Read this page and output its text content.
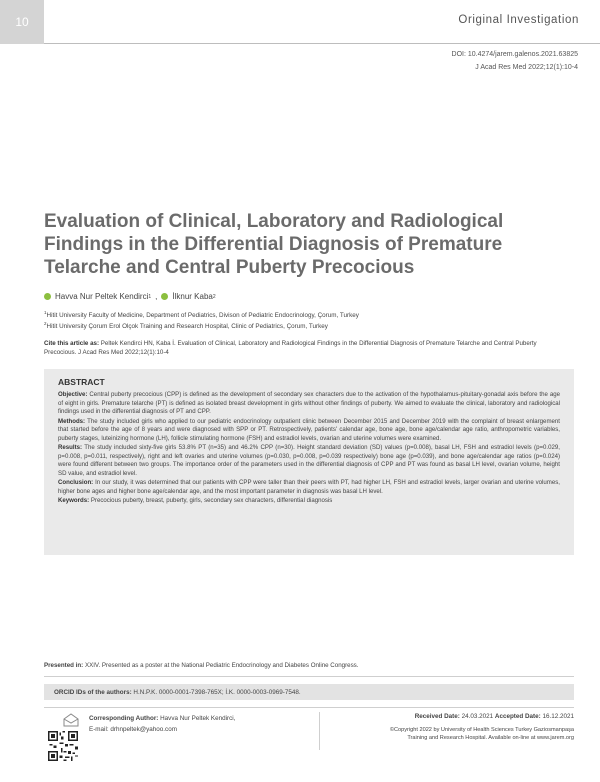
10	Original Investigation
DOI: 10.4274/jarem.galenos.2021.63825
J Acad Res Med 2022;12(1):10-4
Evaluation of Clinical, Laboratory and Radiological Findings in the Differential Diagnosis of Premature Telarche and Central Puberty Precocious
Havva Nur Peltek Kendirci 1 , İlknur Kaba 2
$^1$Hitit University Faculty of Medicine, Department of Pediatrics, Divison of Pediatric Endocrinology, Çorum, Turkey
$^2$Hitit University Çorum Erol Olçok Training and Research Hospital, Clinic of Pediatrics, Çorum, Turkey
Cite this article as: Peltek Kendirci HN, Kaba İ. Evaluation of Clinical, Laboratory and Radiological Findings in the Differential Diagnosis of Premature Telarche and Central Puberty Precocious. J Acad Res Med 2022;12(1):10-4
ABSTRACT
Objective: Central puberty precocious (CPP) is defined as the development of secondary sex characters due to the activation of the hypothalamus-pituitary-gonadal axis before the age of eight in girls. Premature telarche (PT) is defined as isolated breast development in girls without other findings of puberty. We aimed to evaluate the clinical, laboratory and radiological findings used in the differential diagnosis of PT and CPP.
Methods: The study included girls who applied to our pediatric endocrinology outpatient clinic between December 2015 and December 2019 with the complaint of breast enlargement that started before the age of 8 years and were diagnosed with SPP or PT. Retrospectively, patients' calendar age, bone age, bone age/calendar age ratio, anthropometric variables, puberty stages, luteinizing hormone (LH), follicle stimulating hormone (FSH) and estradiol levels, ovarian and uterine volumes were examined.
Results: The study included sixty-five girls 53.8% PT (n=35) and 46.2% CPP (n=30). Height standard deviation (SD) values (p=0.008), basal LH, FSH and estradiol levels (p=0.029, p=0.008, p=0.011, respectively), right and left ovaries and uterine volumes (p=0.030, p=0.008, p=0.039 respectively) bone age (p=0.039), and bone age/calendar age ratios (p=0.024) were found different between two groups. The importance order of the parameters used in the differential diagnosis of CPP and PT was found as basal LH level, ovarian volume, height SD value, and estradiol level.
Conclusion: In our study, it was determined that our patients with CPP were taller than their peers with PT, had higher LH, FSH and estradiol levels, larger ovarian and uterine volumes, higher bone ages and higher bone age/calendar age, and the most important parameter in diagnosis was basal LH level.
Keywords: Precocious puberty, breast, puberty, girls, secondary sex characters, differential diagnosis
Presented in: XXIV. Presented as a poster at the National Pediatric Endocrinology and Diabetes Online Congress.
ORCID IDs of the authors: H.N.P.K. 0000-0001-7398-765X; İ.K. 0000-0003-0969-7548.
Corresponding Author: Havva Nur Peltek Kendirci,
E-mail: drhnpeltek@yahoo.com
Received Date: 24.03.2021 Accepted Date: 16.12.2021
©Copyright 2022 by University of Health Sciences Turkey Gaziosmanpaşa
Training and Research Hospital. Available on-line at www.jarem.org
